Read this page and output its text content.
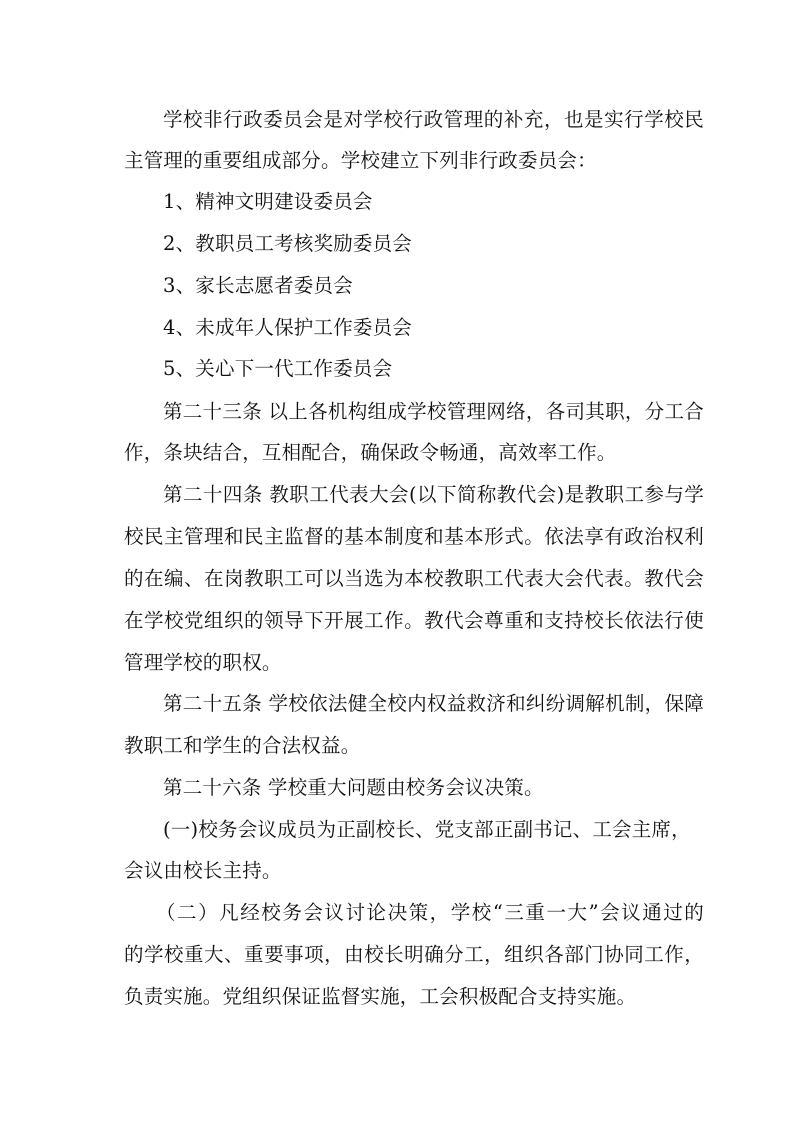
学校非行政委员会是对学校行政管理的补充，也是实行学校民
主管理的重要组成部分。学校建立下列非行政委员会：
1、精神文明建设委员会
2、教职员工考核奖励委员会
3、家长志愿者委员会
4、未成年人保护工作委员会
5、关心下一代工作委员会
第二十三条 以上各机构组成学校管理网络，各司其职，分工合
作，条块结合，互相配合，确保政令畅通，高效率工作。
第二十四条 教职工代表大会(以下简称教代会)是教职工参与学
校民主管理和民主监督的基本制度和基本形式。依法享有政治权利
的在编、在岗教职工可以当选为本校教职工代表大会代表。教代会
在学校党组织的领导下开展工作。教代会尊重和支持校长依法行使
管理学校的职权。
第二十五条 学校依法健全校内权益救济和纠纷调解机制，保障
教职工和学生的合法权益。
第二十六条 学校重大问题由校务会议决策。
(一)校务会议成员为正副校长、党支部正副书记、工会主席，
会议由校长主持。
（二）凡经校务会议讨论决策，学校“三重一大”会议通过的
的学校重大、重要事项，由校长明确分工，组织各部门协同工作，
负责实施。党组织保证监督实施，工会积极配合支持实施。
